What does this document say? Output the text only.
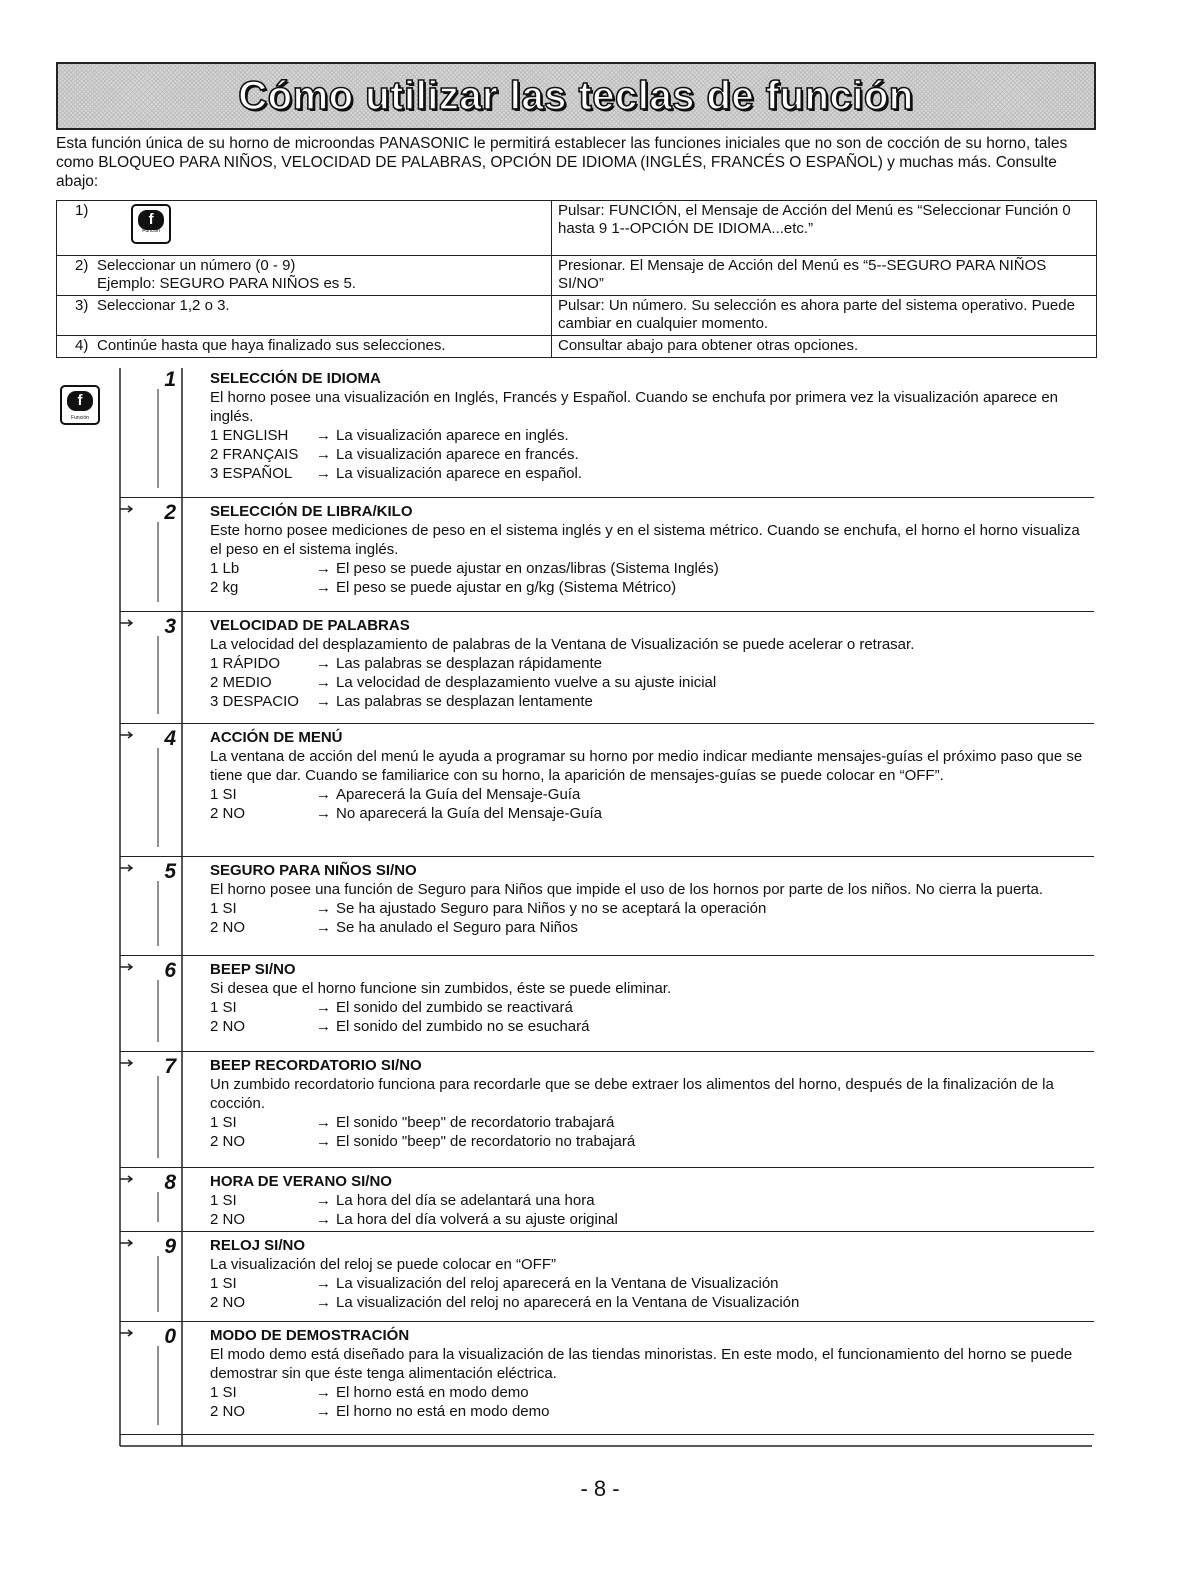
Cómo utilizar las teclas de función

Esta función única de su horno de microondas PANASONIC le permitirá establecer las funciones iniciales que no son de cocción de su horno, tales como BLOQUEO PARA NIÑOS, VELOCIDAD DE PALABRAS, OPCIÓN DE IDIOMA (INGLÉS, FRANCÉS O ESPAÑOL) y muchas más. Consulte abajo:

1)
f
Función	Pulsar: FUNCIÓN, el Mensaje de Acción del Menú es “Seleccionar Función 0 hasta 9 1--OPCIÓN DE IDIOMA...etc.”
2) Seleccionar un número (0 - 9)
Ejemplo: SEGURO PARA NIÑOS es 5.	Presionar. El Mensaje de Acción del Menú es “5--SEGURO PARA NIÑOS SI/NO”
3) Seleccionar 1,2 o 3.	Pulsar: Un número. Su selección es ahora parte del sistema operativo. Puede cambiar en cualquier momento.
4) Continúe hasta que haya finalizado sus selecciones.	Consultar abajo para obtener otras opciones.
f
Función
1 SELECCIÓN DE IDIOMA

El horno posee una visualización en Inglés, Francés y Español. Cuando se enchufa por primera vez la visualización aparece en inglés.

1 ENGLISH	→ La visualización aparece en inglés.
2 FRANÇAIS	→ La visualización aparece en francés.
3 ESPAÑOL	→ La visualización aparece en español.
2 SELECCIÓN DE LIBRA/KILO

Este horno posee mediciones de peso en el sistema inglés y en el sistema métrico. Cuando se enchufa, el horno el horno visualiza el peso en el sistema inglés.

1 Lb	→ El peso se puede ajustar en onzas/libras (Sistema Inglés)
2 kg	→ El peso se puede ajustar en g/kg (Sistema Métrico)
3 VELOCIDAD DE PALABRAS

La velocidad del desplazamiento de palabras de la Ventana de Visualización se puede acelerar o retrasar.

1 RÁPIDO	→ Las palabras se desplazan rápidamente
2 MEDIO	→ La velocidad de desplazamiento vuelve a su ajuste inicial
3 DESPACIO	→ Las palabras se desplazan lentamente
4 ACCIÓN DE MENÚ

La ventana de acción del menú le ayuda a programar su horno por medio indicar mediante mensajes-guías el próximo paso que se tiene que dar. Cuando se familiarice con su horno, la aparición de mensajes-guías se puede colocar en “OFF”.

1 SI	→ Aparecerá la Guía del Mensaje-Guía
2 NO	→ No aparecerá la Guía del Mensaje-Guía
5 SEGURO PARA NIÑOS SI/NO

El horno posee una función de Seguro para Niños que impide el uso de los hornos por parte de los niños. No cierra la puerta.

1 SI	→ Se ha ajustado Seguro para Niños y no se aceptará la operación
2 NO	→ Se ha anulado el Seguro para Niños
6 BEEP SI/NO

Si desea que el horno funcione sin zumbidos, éste se puede eliminar.

1 SI	→ El sonido del zumbido se reactivará
2 NO	→ El sonido del zumbido no se esuchará
7 BEEP RECORDATORIO SI/NO

Un zumbido recordatorio funciona para recordarle que se debe extraer los alimentos del horno, después de la finalización de la cocción.

1 SI	→ El sonido "beep" de recordatorio trabajará
2 NO	→ El sonido "beep" de recordatorio no trabajará
8 HORA DE VERANO SI/NO
1 SI	→ La hora del día se adelantará una hora
2 NO	→ La hora del día volverá a su ajuste original
9 RELOJ SI/NO

La visualización del reloj se puede colocar en “OFF”

1 SI	→ La visualización del reloj aparecerá en la Ventana de Visualización
2 NO	→ La visualización del reloj no aparecerá en la Ventana de Visualización
0 MODO DE DEMOSTRACIÓN

El modo demo está diseñado para la visualización de las tiendas minoristas. En este modo, el funcionamiento del horno se puede demostrar sin que éste tenga alimentación eléctrica.

1 SI	→ El horno está en modo demo
2 NO	→ El horno no está en modo demo
- 8 -
